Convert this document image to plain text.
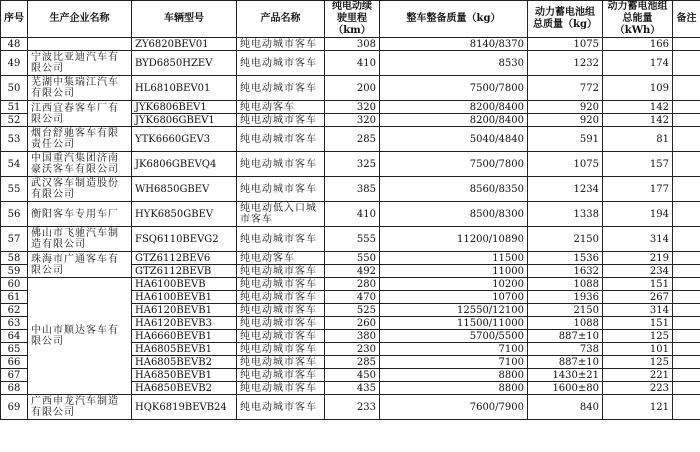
序号	生产企业名称	车辆型号	产品名称	纯电动续驶里程（km）	整车整备质量（kg）	动力蓄电池组总质量（kg）	动力蓄电池组总能量（kWh）	备注
48		ZY6820BEV01	纯电动城市客车	308	8140/8370	1075	166	
49	宁波比亚迪汽车有限公司	BYD6850HZEV	纯电动城市客车	410	8530	1232	174	
50	芜湖中集瑞江汽车有限公司	HL6810BEV01	纯电动城市客车	200	7500/7800	772	109	
51	江西宜春客车厂有限公司	JYK6806BEV1	纯电动客车	320	8200/8400	920	142	
52		JYK6806GBEV1	纯电动城市客车	320	8200/8400	920	142	
53	烟台舒驰客车有限责任公司	YTK6660GEV3	纯电动城市客车	285	5040/4840	591	81	
54	中国重汽集团济南豪沃客车有限公司	JK6806GBEVQ4	纯电动城市客车	325	7500/7800	1075	157	
55	武汉客车制造股份有限公司	WH6850GBEV	纯电动城市客车	385	8560/8350	1234	177	
56	衡阳客车专用车厂	HYK6850GBEV	纯电动低入口城市客车	410	8500/8300	1338	194	
57	佛山市飞驰汽车制造有限公司	FSQ6110BEVG2	纯电动城市客车	555	11200/10890	2150	314	
58	珠海市广通客车有限公司	GTZ6112BEV6	纯电动客车	550	11500	1536	219	
59		GTZ6112BEVB	纯电动城市客车	492	11000	1632	234	
60	中山市顺达客车有限公司	HA6100BEVB	纯电动城市客车	280	10200	1088	151	
61		HA6100BEVB1	纯电动城市客车	470	10700	1936	267	
62		HA6120BEVB1	纯电动城市客车	525	12550/12100	2150	314	
63		HA6120BEVB3	纯电动城市客车	260	11500/11000	1088	151	
64		HA6660BEVB1	纯电动城市客车	380	5700/5500	887±10	125	
65		HA6805BEVB1	纯电动城市客车	230	7100	738	101	
66		HA6805BEVB2	纯电动城市客车	285	7100	887±10	125	
67		HA6850BEVB1	纯电动城市客车	450	8800	1430±21	221	
68		HA6850BEVB2	纯电动城市客车	435	8800	1600±80	223	
69	广西申龙汽车制造有限公司	HQK6819BEVB24	纯电动城市客车	233	7600/7900	840	121	
